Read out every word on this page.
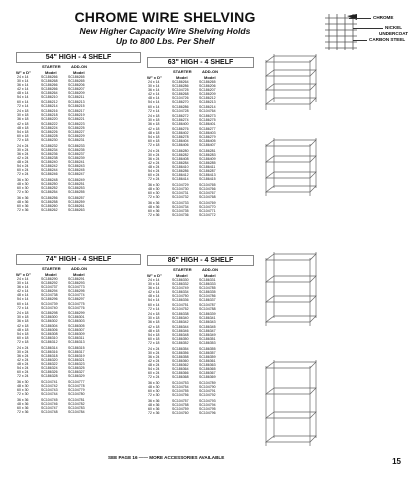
CHROME WIRE SHELVING
New Higher Capacity Wire Shelving Holds
Up to 800 Lbs. Per Shelf
CHROME
NICKEL
UNDERCOAT
CARBON STEEL
54" HIGH - 4 SHELF
STARTER	ADD-ON
W" x D"	Model	Model
24 x 14	SC186266	SC186265
30 x 14	SC186268	SC186265
36 x 14	SC186266	SC186206
42 x 14	SC186266	SC186207
48 x 14	SC186264	SC186209
54 x 14	SC186210	SC186211
60 x 14	SC186212	SC186213
72 x 14	SC186214	SC186215
24 x 18	SC186216	SC186217
30 x 18	SC186218	SC186219
36 x 18	SC186220	SC186221
42 x 18	SC186222	SC186223
48 x 18	SC186224	SC186225
54 x 18	SC186226	SC186227
60 x 18	SC186228	SC186229
72 x 18	SC186230	SC186231
24 x 24	SC186232	SC186233
30 x 24	SC186234	SC186235
36 x 24	SC186236	SC186237
42 x 24	SC186238	SC186239
48 x 24	SC186240	SC186241
54 x 24	SC186242	SC186243
60 x 24	SC186244	SC186245
72 x 24	SC186246	SC186247
36 x 30	SC186248	SC186249
48 x 30	SC186250	SC186251
60 x 30	SC186252	SC186253
72 x 30	SC186254	SC186255
36 x 36	SC186256	SC186257
48 x 36	SC186258	SC186259
60 x 36	SC186260	SC186261
72 x 36	SC186262	SC186263
63" HIGH - 4 SHELF
STARTER	ADD-ON
W" x D"	Model	Model
24 x 14	SC186264	SC186265
30 x 14	SC186286	SC186206
36 x 14	SC104725	SC186207
42 x 14	SC186268	SC186209
48 x 14	SC104726	SC186212
54 x 14	SC186270	SC186213
60 x 14	SC186286	SC186214
72 x 14	SC104728	SC104764
24 x 18	SC186272	SC186273
30 x 18	SC186274	SC186275
36 x 18	SC186400	SC186401
42 x 18	SC186276	SC186277
48 x 18	SC186402	SC186403
54 x 18	SC186278	SC186279
60 x 18	SC186404	SC186405
72 x 18	SC186406	SC186407
24 x 24	SC186280	SC186281
30 x 24	SC186282	SC186283
36 x 24	SC186408	SC186409
42 x 24	SC186284	SC186285
48 x 24	SC186410	SC186411
54 x 24	SC186286	SC186287
60 x 24	SC186412	SC186413
72 x 24	SC186414	SC186415
36 x 30	SC104729	SC104765
48 x 30	SC104730	SC104766
60 x 30	SC104731	SC104767
72 x 30	SC104732	SC104768
36 x 36	SC104733	SC104769
48 x 36	SC104734	SC104770
60 x 36	SC104735	SC104771
72 x 36	SC104736	SC104772
74" HIGH - 4 SHELF
STARTER	ADD-ON
W" x D"	Model	Model
24 x 14	SC186290	SC186291
30 x 14	SC186292	SC186293
36 x 14	SC104737	SC104773
42 x 14	SC186294	SC186295
48 x 14	SC104738	SC104774
54 x 14	SC186296	SC186297
60 x 14	SC104739	SC104775
72 x 14	SC104740	SC104776
24 x 18	SC186298	SC186299
30 x 18	SC186300	SC186301
36 x 18	SC186302	SC186303
42 x 18	SC186304	SC186305
48 x 18	SC186306	SC186307
54 x 18	SC186308	SC186309
60 x 18	SC186310	SC186311
72 x 18	SC186312	SC186313
24 x 24	SC186314	SC186315
30 x 24	SC186316	SC186317
36 x 24	SC186318	SC186319
42 x 24	SC186320	SC186321
48 x 24	SC186322	SC186323
54 x 24	SC186324	SC186325
60 x 24	SC186326	SC186327
72 x 24	SC186328	SC186329
36 x 30	SC104741	SC104777
48 x 30	SC104742	SC104778
60 x 30	SC104743	SC104779
72 x 30	SC104744	SC104780
36 x 36	SC104745	SC104781
48 x 36	SC104746	SC104782
60 x 36	SC104747	SC104783
72 x 36	SC104748	SC104784
86" HIGH - 4 SHELF
STARTER	ADD-ON
W" x D"	Model	Model
24 x 14	SC186330	SC186331
30 x 14	SC186332	SC186333
36 x 14	SC104749	SC104785
42 x 14	SC186334	SC186335
48 x 14	SC104750	SC104786
54 x 14	SC186336	SC186337
60 x 14	SC104751	SC104787
72 x 14	SC104752	SC104788
24 x 18	SC186338	SC186339
30 x 18	SC186340	SC186341
36 x 18	SC186342	SC186343
42 x 18	SC186344	SC186345
48 x 18	SC186346	SC186347
54 x 18	SC186348	SC186349
60 x 18	SC186350	SC186351
72 x 18	SC186352	SC186353
24 x 24	SC186354	SC186355
30 x 24	SC186356	SC186357
36 x 24	SC186358	SC186359
42 x 24	SC186360	SC186361
48 x 24	SC186362	SC186363
54 x 24	SC186364	SC186365
60 x 24	SC186366	SC186367
72 x 24	SC186368	SC186369
36 x 30	SC104753	SC104789
48 x 30	SC104754	SC104790
60 x 30	SC104755	SC104791
72 x 30	SC104756	SC104792
36 x 36	SC104757	SC104793
48 x 36	SC104758	SC104794
60 x 36	SC104759	SC104795
72 x 36	SC104760	SC104796
SEE PAGE 16 —— MORE ACCESSORIES AVAILABLE	15
